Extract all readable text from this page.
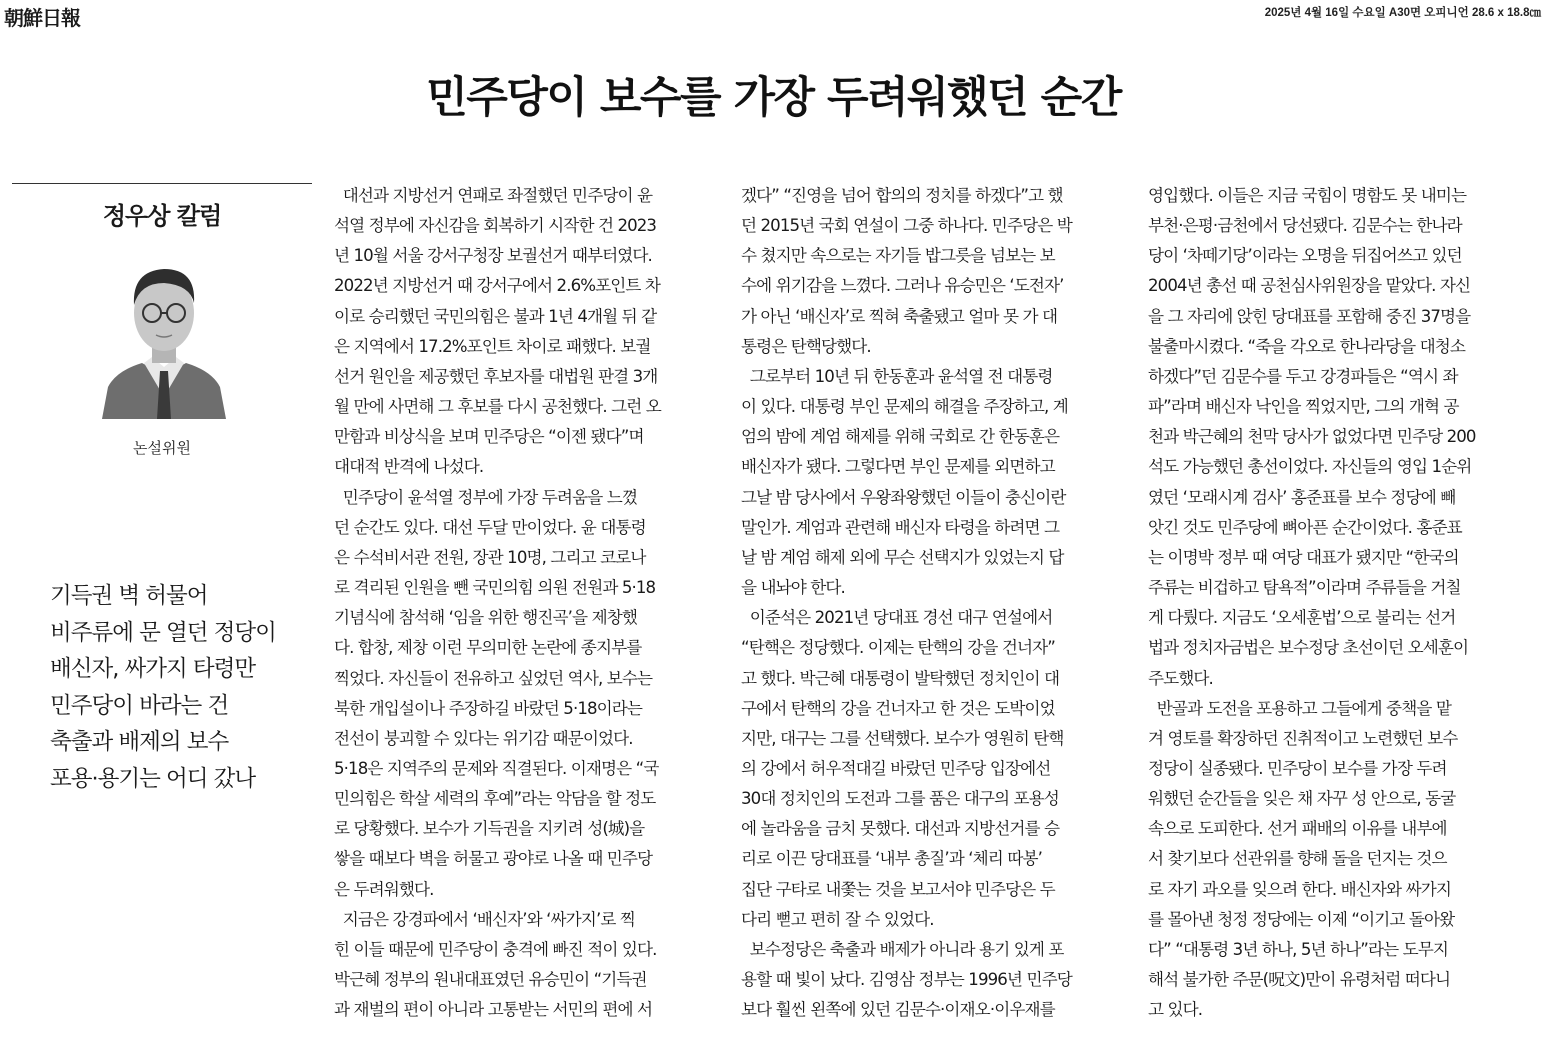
朝鮮日報	2025년 4월 16일 수요일 A30면 오피니언 28.6 x 18.8㎝
민주당이 보수를 가장 두려워했던 순간
정우상 칼럼
논설위원
기득권 벽 허물어
비주류에 문 열던 정당이
배신자, 싸가지 타령만
민주당이 바라는 건
축출과 배제의 보수
포용·용기는 어디 갔나
대선과 지방선거 연패로 좌절했던 민주당이 윤
석열 정부에 자신감을 회복하기 시작한 건 2023
년 10월 서울 강서구청장 보궐선거 때부터였다.
2022년 지방선거 때 강서구에서 2.6%포인트 차
이로 승리했던 국민의힘은 불과 1년 4개월 뒤 같
은 지역에서 17.2%포인트 차이로 패했다. 보궐
선거 원인을 제공했던 후보자를 대법원 판결 3개
월 만에 사면해 그 후보를 다시 공천했다. 그런 오
만함과 비상식을 보며 민주당은 “이젠 됐다”며
대대적 반격에 나섰다.
민주당이 윤석열 정부에 가장 두려움을 느꼈
던 순간도 있다. 대선 두달 만이었다. 윤 대통령
은 수석비서관 전원, 장관 10명, 그리고 코로나
로 격리된 인원을 뺀 국민의힘 의원 전원과 5·18
기념식에 참석해 ‘임을 위한 행진곡’을 제창했
다. 합창, 제창 이런 무의미한 논란에 종지부를
찍었다. 자신들이 전유하고 싶었던 역사, 보수는
북한 개입설이나 주장하길 바랐던 5·18이라는
전선이 붕괴할 수 있다는 위기감 때문이었다.
5·18은 지역주의 문제와 직결된다. 이재명은 “국
민의힘은 학살 세력의 후예”라는 악담을 할 정도
로 당황했다. 보수가 기득권을 지키려 성(城)을
쌓을 때보다 벽을 허물고 광야로 나올 때 민주당
은 두려워했다.
지금은 강경파에서 ‘배신자’와 ‘싸가지’로 찍
힌 이들 때문에 민주당이 충격에 빠진 적이 있다.
박근혜 정부의 원내대표였던 유승민이 “기득권
과 재벌의 편이 아니라 고통받는 서민의 편에 서
겠다” “진영을 넘어 합의의 정치를 하겠다”고 했
던 2015년 국회 연설이 그중 하나다. 민주당은 박
수 쳤지만 속으로는 자기들 밥그릇을 넘보는 보
수에 위기감을 느꼈다. 그러나 유승민은 ‘도전자’
가 아닌 ‘배신자’로 찍혀 축출됐고 얼마 못 가 대
통령은 탄핵당했다.
그로부터 10년 뒤 한동훈과 윤석열 전 대통령
이 있다. 대통령 부인 문제의 해결을 주장하고, 계
엄의 밤에 계엄 해제를 위해 국회로 간 한동훈은
배신자가 됐다. 그렇다면 부인 문제를 외면하고
그날 밤 당사에서 우왕좌왕했던 이들이 충신이란
말인가. 계엄과 관련해 배신자 타령을 하려면 그
날 밤 계엄 해제 외에 무슨 선택지가 있었는지 답
을 내놔야 한다.
이준석은 2021년 당대표 경선 대구 연설에서
“탄핵은 정당했다. 이제는 탄핵의 강을 건너자”
고 했다. 박근혜 대통령이 발탁했던 정치인이 대
구에서 탄핵의 강을 건너자고 한 것은 도박이었
지만, 대구는 그를 선택했다. 보수가 영원히 탄핵
의 강에서 허우적대길 바랐던 민주당 입장에선
30대 정치인의 도전과 그를 품은 대구의 포용성
에 놀라움을 금치 못했다. 대선과 지방선거를 승
리로 이끈 당대표를 ‘내부 총질’과 ‘체리 따봉’
집단 구타로 내쫓는 것을 보고서야 민주당은 두
다리 뻗고 편히 잘 수 있었다.
보수정당은 축출과 배제가 아니라 용기 있게 포
용할 때 빛이 났다. 김영삼 정부는 1996년 민주당
보다 훨씬 왼쪽에 있던 김문수·이재오·이우재를
영입했다. 이들은 지금 국힘이 명함도 못 내미는
부천·은평·금천에서 당선됐다. 김문수는 한나라
당이 ‘차떼기당’이라는 오명을 뒤집어쓰고 있던
2004년 총선 때 공천심사위원장을 맡았다. 자신
을 그 자리에 앉힌 당대표를 포함해 중진 37명을
불출마시켰다. “죽을 각오로 한나라당을 대청소
하겠다”던 김문수를 두고 강경파들은 “역시 좌
파”라며 배신자 낙인을 찍었지만, 그의 개혁 공
천과 박근혜의 천막 당사가 없었다면 민주당 200
석도 가능했던 총선이었다. 자신들의 영입 1순위
였던 ‘모래시계 검사’ 홍준표를 보수 정당에 빼
앗긴 것도 민주당에 뼈아픈 순간이었다. 홍준표
는 이명박 정부 때 여당 대표가 됐지만 “한국의
주류는 비겁하고 탐욕적”이라며 주류들을 거칠
게 다뤘다. 지금도 ‘오세훈법’으로 불리는 선거
법과 정치자금법은 보수정당 초선이던 오세훈이
주도했다.
반골과 도전을 포용하고 그들에게 중책을 맡
겨 영토를 확장하던 진취적이고 노련했던 보수
정당이 실종됐다. 민주당이 보수를 가장 두려
워했던 순간들을 잊은 채 자꾸 성 안으로, 동굴
속으로 도피한다. 선거 패배의 이유를 내부에
서 찾기보다 선관위를 향해 돌을 던지는 것으
로 자기 과오를 잊으려 한다. 배신자와 싸가지
를 몰아낸 청정 정당에는 이제 “이기고 돌아왔
다” “대통령 3년 하나, 5년 하나”라는 도무지
해석 불가한 주문(呪文)만이 유령처럼 떠다니
고 있다.
